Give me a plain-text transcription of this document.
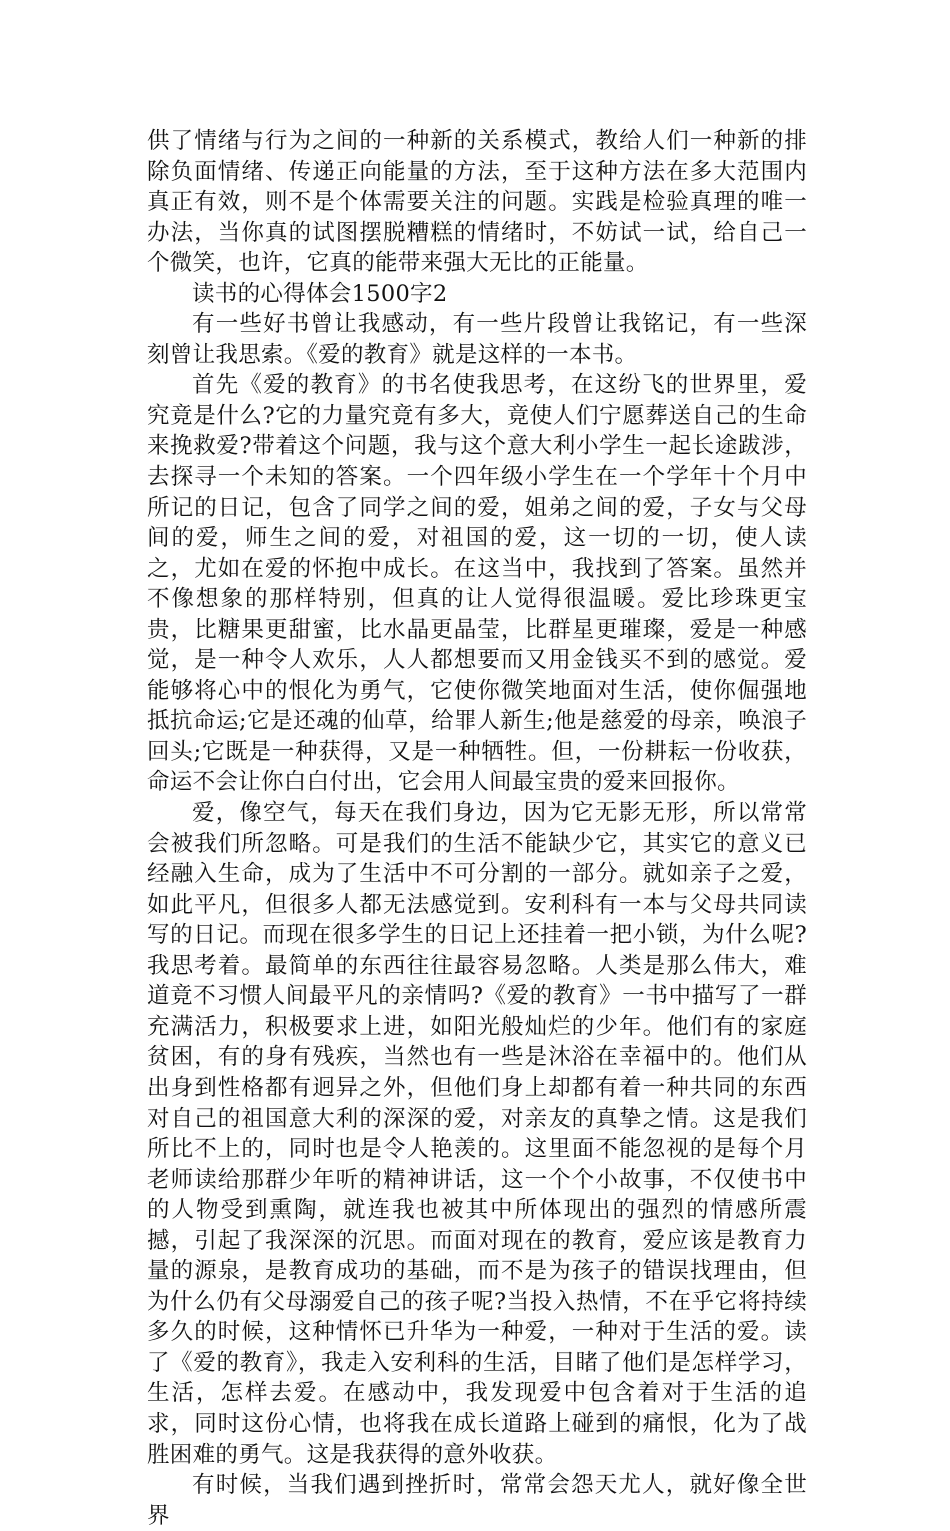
供了情绪与行为之间的一种新的关系模式，教给人们一种新的排除负面情绪、传递正向能量的方法，至于这种方法在多大范围内真正有效，则不是个体需要关注的问题。实践是检验真理的唯一办法，当你真的试图摆脱糟糕的情绪时，不妨试一试，给自己一个微笑，也许，它真的能带来强大无比的正能量。

读书的心得体会1500字2

有一些好书曾让我感动，有一些片段曾让我铭记，有一些深刻曾让我思索。《爱的教育》就是这样的一本书。

首先《爱的教育》的书名使我思考，在这纷飞的世界里，爱究竟是什么?它的力量究竟有多大，竟使人们宁愿葬送自己的生命来挽救爱?带着这个问题，我与这个意大利小学生一起长途跋涉，去探寻一个未知的答案。一个四年级小学生在一个学年十个月中所记的日记，包含了同学之间的爱，姐弟之间的爱，子女与父母间的爱，师生之间的爱，对祖国的爱，这一切的一切，使人读之，尤如在爱的怀抱中成长。在这当中，我找到了答案。虽然并不像想象的那样特别，但真的让人觉得很温暖。爱比珍珠更宝贵，比糖果更甜蜜，比水晶更晶莹，比群星更璀璨，爱是一种感觉，是一种令人欢乐，人人都想要而又用金钱买不到的感觉。爱能够将心中的恨化为勇气，它使你微笑地面对生活，使你倔强地抵抗命运;它是还魂的仙草，给罪人新生;他是慈爱的母亲，唤浪子回头;它既是一种获得，又是一种牺牲。但，一份耕耘一份收获，命运不会让你白白付出，它会用人间最宝贵的爱来回报你。

爱，像空气，每天在我们身边，因为它无影无形，所以常常会被我们所忽略。可是我们的生活不能缺少它，其实它的意义已经融入生命，成为了生活中不可分割的一部分。就如亲子之爱，如此平凡，但很多人都无法感觉到。安利科有一本与父母共同读写的日记。而现在很多学生的日记上还挂着一把小锁，为什么呢?我思考着。最简单的东西往往最容易忽略。人类是那么伟大，难道竟不习惯人间最平凡的亲情吗?《爱的教育》一书中描写了一群充满活力，积极要求上进，如阳光般灿烂的少年。他们有的家庭贫困，有的身有残疾，当然也有一些是沐浴在幸福中的。他们从出身到性格都有迥异之外，但他们身上却都有着一种共同的东西对自己的祖国意大利的深深的爱，对亲友的真挚之情。这是我们所比不上的，同时也是令人艳羡的。这里面不能忽视的是每个月老师读给那群少年听的精神讲话，这一个个小故事，不仅使书中的人物受到熏陶，就连我也被其中所体现出的强烈的情感所震撼，引起了我深深的沉思。而面对现在的教育，爱应该是教育力量的源泉，是教育成功的基础，而不是为孩子的错误找理由，但为什么仍有父母溺爱自己的孩子呢?当投入热情，不在乎它将持续多久的时候，这种情怀已升华为一种爱，一种对于生活的爱。读了《爱的教育》，我走入安利科的生活，目睹了他们是怎样学习，生活，怎样去爱。在感动中，我发现爱中包含着对于生活的追求，同时这份心情，也将我在成长道路上碰到的痛恨，化为了战胜困难的勇气。这是我获得的意外收获。

有时候，当我们遇到挫折时，常常会怨天尤人，就好像全世界
